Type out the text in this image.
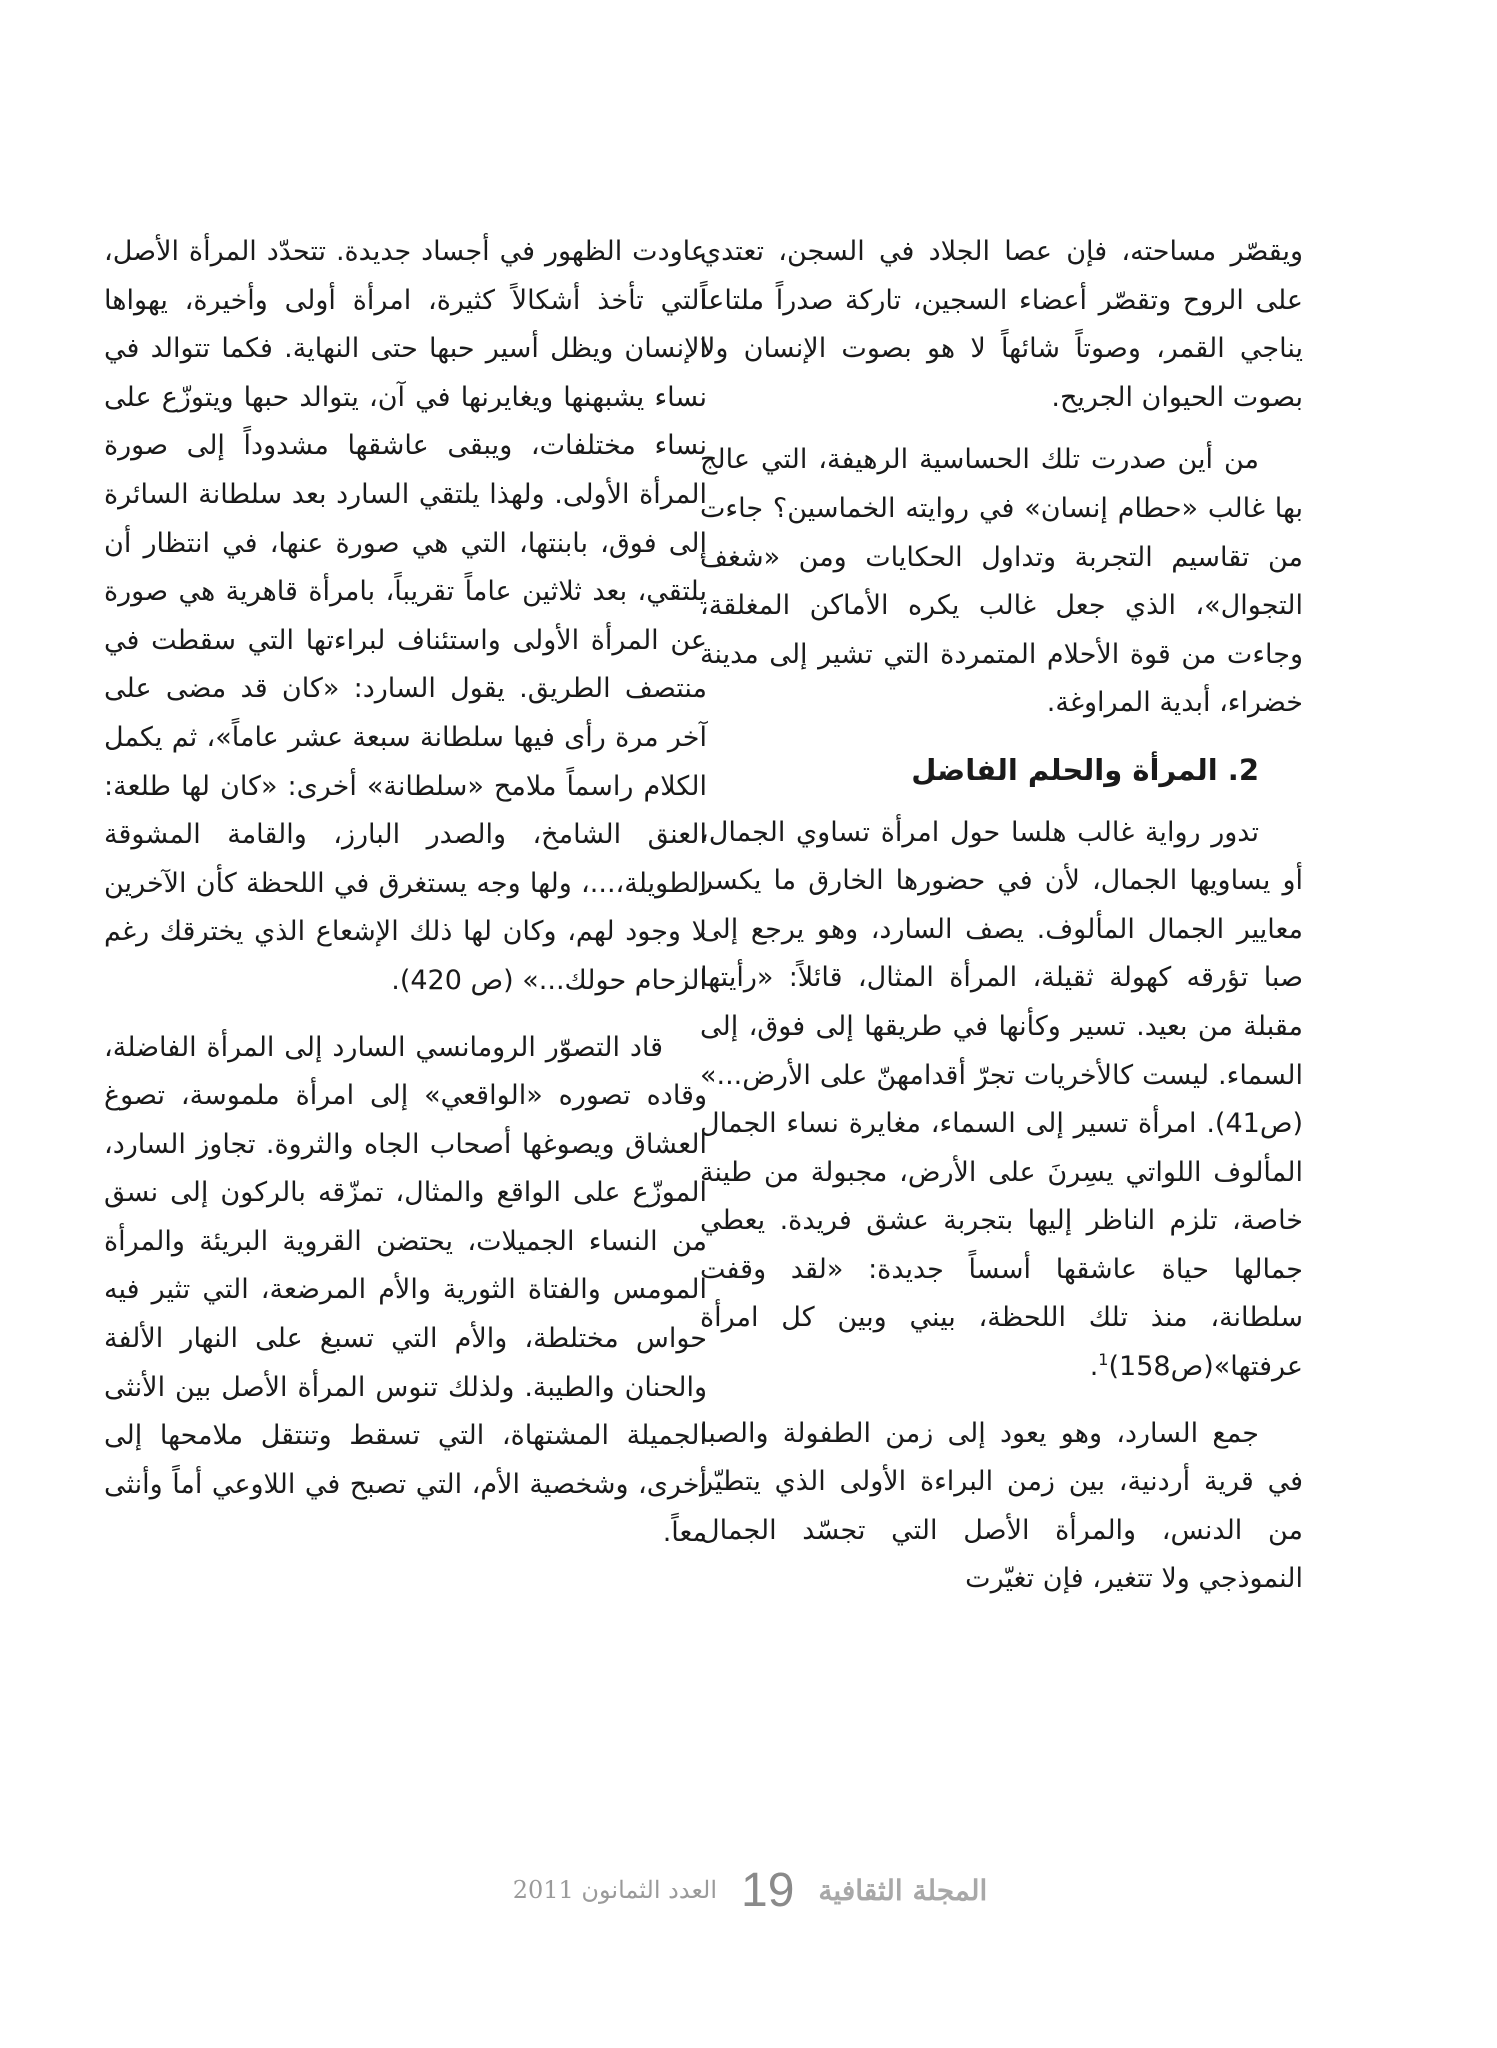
ويقصّر مساحته، فإن عصا الجلاد في السجن، تعتدي على الروح وتقصّر أعضاء السجين، تاركة صدراً ملتاعاً يناجي القمر، وصوتاً شائهاً لا هو بصوت الإنسان ولا بصوت الحيوان الجريح.

من أين صدرت تلك الحساسية الرهيفة، التي عالج بها غالب «حطام إنسان» في روايته الخماسين؟ جاءت من تقاسيم التجربة وتداول الحكايات ومن «شغف التجوال»، الذي جعل غالب يكره الأماكن المغلقة، وجاءت من قوة الأحلام المتمردة التي تشير إلى مدينة خضراء، أبدية المراوغة.

2. المرأة والحلم الفاضل

تدور رواية غالب هلسا حول امرأة تساوي الجمال، أو يساويها الجمال، لأن في حضورها الخارق ما يكسر معايير الجمال المألوف. يصف السارد، وهو يرجع إلى صبا تؤرقه كهولة ثقيلة، المرأة المثال، قائلاً: «رأيتها مقبلة من بعيد. تسير وكأنها في طريقها إلى فوق، إلى السماء. ليست كالأخريات تجرّ أقدامهنّ على الأرض...» (ص41). امرأة تسير إلى السماء، مغايرة نساء الجمال المألوف اللواتي يسِرنَ على الأرض، مجبولة من طينة خاصة، تلزم الناظر إليها بتجربة عشق فريدة. يعطي جمالها حياة عاشقها أسساً جديدة: «لقد وقفت سلطانة، منذ تلك اللحظة، بيني وبين كل امرأة عرفتها»(ص158)$^1$.

جمع السارد، وهو يعود إلى زمن الطفولة والصبا في قرية أردنية، بين زمن البراءة الأولى الذي يتطيّر من الدنس، والمرأة الأصل التي تجسّد الجمال النموذجي ولا تتغير، فإن تغيّرت

عاودت الظهور في أجساد جديدة. تتحدّد المرأة الأصل، التي تأخذ أشكالاً كثيرة، امرأة أولى وأخيرة، يهواها الإنسان ويظل أسير حبها حتى النهاية. فكما تتوالد في نساء يشبهنها ويغايرنها في آن، يتوالد حبها ويتوزّع على نساء مختلفات، ويبقى عاشقها مشدوداً إلى صورة المرأة الأولى. ولهذا يلتقي السارد بعد سلطانة السائرة إلى فوق، بابنتها، التي هي صورة عنها، في انتظار أن يلتقي، بعد ثلاثين عاماً تقريباً، بامرأة قاهرية هي صورة عن المرأة الأولى واستئناف لبراءتها التي سقطت في منتصف الطريق. يقول السارد: «كان قد مضى على آخر مرة رأى فيها سلطانة سبعة عشر عاماً»، ثم يكمل الكلام راسماً ملامح «سلطانة» أخرى: «كان لها طلعة: العنق الشامخ، والصدر البارز، والقامة المشوقة الطويلة،...، ولها وجه يستغرق في اللحظة كأن الآخرين لا وجود لهم، وكان لها ذلك الإشعاع الذي يخترقك رغم الزحام حولك...» (ص 420).

قاد التصوّر الرومانسي السارد إلى المرأة الفاضلة، وقاده تصوره «الواقعي» إلى امرأة ملموسة، تصوغ العشاق ويصوغها أصحاب الجاه والثروة. تجاوز السارد، الموزّع على الواقع والمثال، تمزّقه بالركون إلى نسق من النساء الجميلات، يحتضن القروية البريئة والمرأة المومس والفتاة الثورية والأم المرضعة، التي تثير فيه حواس مختلطة، والأم التي تسبغ على النهار الألفة والحنان والطيبة. ولذلك تنوس المرأة الأصل بين الأنثى الجميلة المشتهاة، التي تسقط وتنتقل ملامحها إلى أخرى، وشخصية الأم، التي تصبح في اللاوعي أماً وأنثى معاً.

المجلة الثقافية
19
العدد الثمانون 2011
